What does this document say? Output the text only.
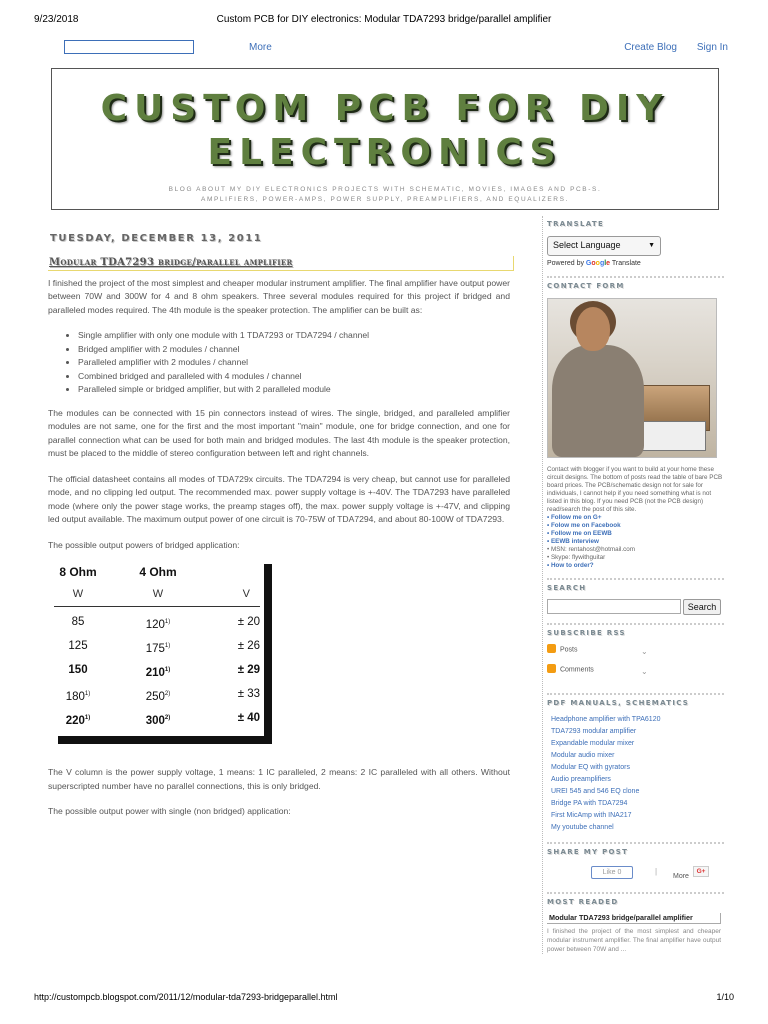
9/23/2018	Custom PCB for DIY electronics: Modular TDA7293 bridge/parallel amplifier
More	Create Blog Sign In
CUSTOM PCB FOR DIY
ELECTRONICS
BLOG ABOUT MY DIY ELECTRONICS PROJECTS WITH SCHEMATIC, MOVIES, IMAGES AND PCB-S. AMPLIFIERS, POWER-AMPS, POWER SUPPLY, PREAMPLIFIERS, AND EQUALIZERS.
TUESDAY, DECEMBER 13, 2011
Modular TDA7293 bridge/parallel amplifier

I finished the project of the most simplest and cheaper modular instrument amplifier. The final amplifier have output power between 70W and 300W for 4 and 8 ohm speakers. Three several modules required for this project if bridged and paralleled modes required. The 4th module is the speaker protection. The amplifier can be built as:

• Single amplifier with only one module with 1 TDA7293 or TDA7294 / channel
• Bridged amplifier with 2 modules / channel
• Paralleled amplifier with 2 modules / channel
• Combined bridged and paralleled with 4 modules / channel
• Paralleled simple or bridged amplifier, but with 2 paralleled module

The modules can be connected with 15 pin connectors instead of wires. The single, bridged, and paralleled amplifier modules are not same, one for the first and the most important "main" module, one for bridge connection, and one for parallel connection what can be used for both main and bridged modules. The last 4th module is the speaker protection, must be placed to the middle of stereo configuration between left and right channels.

The official datasheet contains all modes of TDA729x circuits. The TDA7294 is very cheap, but cannot use for paralleled mode, and no clipping led output. The recommended max. power supply voltage is +-40V. The TDA7293 have paralleled mode (where only the power stage works, the preamp stages off), the max. power supply voltage is +-47V, and clipping led output available. The maximum output power of one circuit is 70-75W of TDA7294, and about 80-100W of TDA7293.

The possible output powers of bridged application:

8 Ohm	4 Ohm
W	W	V
85	$120^{1)}$	± 20
125	$175^{1)}$	± 26
150	$210^{1)}$	± 29
180$^{1)}$	$250^{2)}$	± 33
220$^{1)}$	$300^{2)}$	± 40

The V column is the power supply voltage, 1 means: 1 IC paralleled, 2 means: 2 IC paralleled with all others. Without superscripted number have no parallel connections, this is only bridged.

The possible output power with single (non bridged) application:

TRANSLATE
Select Language	▼
Powered by Google Translate
CONTACT FORM
Contact with blogger if you want to build at your home these circuit designs. The bottom of posts read the table of bare PCB board prices. The PCB/schematic design not for sale for individuals, I cannot help if you need something what is not listed in this blog. If you need PCB (not the PCB design) read/search the post of this site.
• Follow me on G+
• Folow me on Facebook
• Follow me on EEWB
• EEWB interview
• MSN: rentahost@hotmail.com
• Skype: flywithguitar
• How to order?
SEARCH
Search
SUBSCRIBE RSS
Posts	⌄
Comments	⌄
PDF MANUALS, SCHEMATICS
Headphone amplifier with TPA6120
TDA7293 modular amplifier
Expandable modular mixer
Modular audio mixer
Modular EQ with gyrators
Audio preamplifiers
UREI 545 and 546 EQ clone
Bridge PA with TDA7294
First MicAmp with INA217
My youtube channel
SHARE MY POST
Like 0	|
More
G+
MOST READED
Modular TDA7293 bridge/parallel amplifier
I finished the project of the most simplest and cheaper modular instrument amplifier. The final amplifier have output power between 70W and ...
http://custompcb.blogspot.com/2011/12/modular-tda7293-bridgeparallel.html	1/10
